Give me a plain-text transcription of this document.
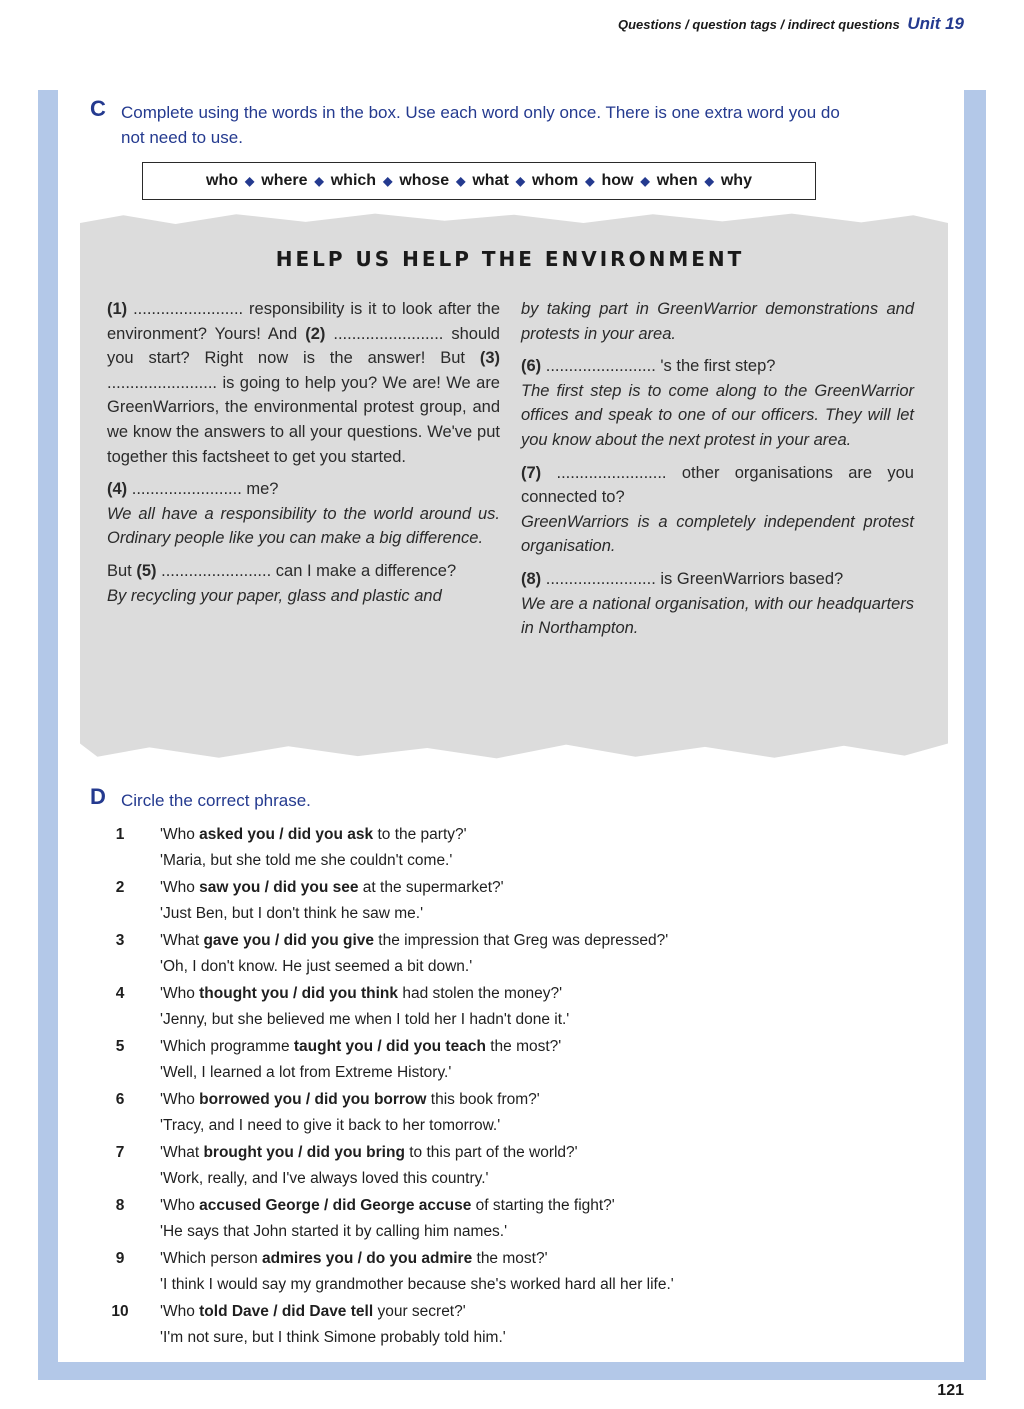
Questions / question tags / indirect questions Unit 19
C Complete using the words in the box. Use each word only once. There is one extra word you do
not need to use.
who ◆ where ◆ which ◆ whose ◆ what ◆ whom ◆ how ◆ when ◆ why
HELP US HELP THE ENVIRONMENT

(1) ........................ responsibility is it to look after the environment? Yours! And (2) ........................ should you start? Right now is the answer! But (3) ........................ is going to help you? We are! We are GreenWarriors, the environmental protest group, and we know the answers to all your questions. We've put together this factsheet to get you started.

(4) ........................ me?

We all have a responsibility to the world around us. Ordinary people like you can make a big difference.

But (5) ........................ can I make a difference?

By recycling your paper, glass and plastic and

by taking part in GreenWarrior demonstrations and protests in your area.

(6) ........................ 's the first step?

The first step is to come along to the GreenWarrior offices and speak to one of our officers. They will let you know about the next protest in your area.

(7) ........................ other organisations are you connected to?

GreenWarriors is a completely independent protest organisation.

(8) ........................ is GreenWarriors based?

We are a national organisation, with our headquarters in Northampton.

D Circle the correct phrase.
1	'Who asked you / did you ask to the party?'
'Maria, but she told me she couldn't come.'
2	'Who saw you / did you see at the supermarket?'
'Just Ben, but I don't think he saw me.'
3	'What gave you / did you give the impression that Greg was depressed?'
'Oh, I don't know. He just seemed a bit down.'
4	'Who thought you / did you think had stolen the money?'
'Jenny, but she believed me when I told her I hadn't done it.'
5	'Which programme taught you / did you teach the most?'
'Well, I learned a lot from Extreme History.'
6	'Who borrowed you / did you borrow this book from?'
'Tracy, and I need to give it back to her tomorrow.'
7	'What brought you / did you bring to this part of the world?'
'Work, really, and I've always loved this country.'
8	'Who accused George / did George accuse of starting the fight?'
'He says that John started it by calling him names.'
9	'Which person admires you / do you admire the most?'
'I think I would say my grandmother because she's worked hard all her life.'
10 'Who told Dave / did Dave tell your secret?'
'I'm not sure, but I think Simone probably told him.'
121
